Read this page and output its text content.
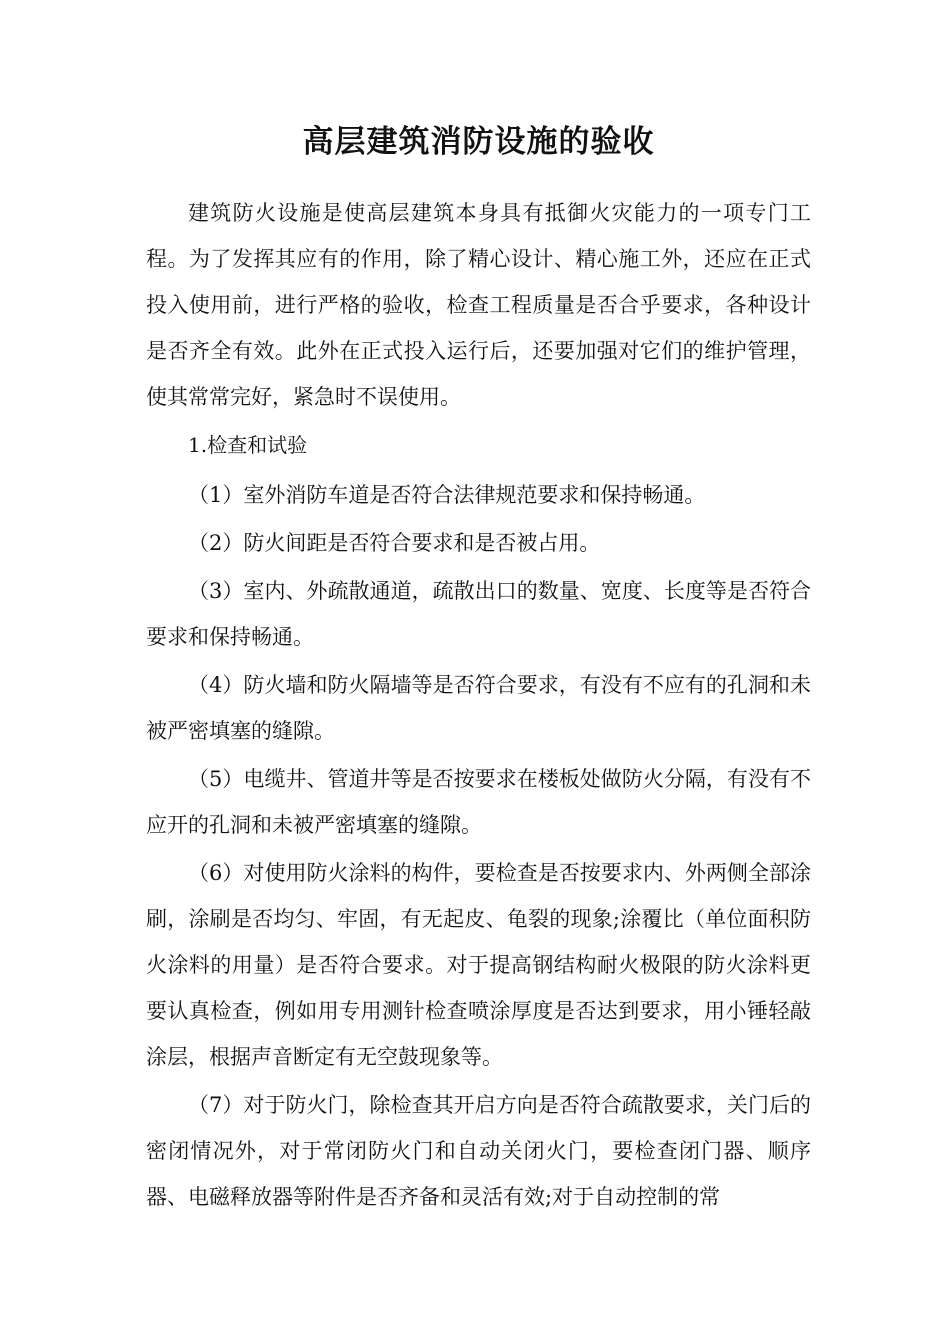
高层建筑消防设施的验收

建筑防火设施是使高层建筑本身具有抵御火灾能力的一项专门工程。为了发挥其应有的作用，除了精心设计、精心施工外，还应在正式投入使用前，进行严格的验收，检查工程质量是否合乎要求，各种设计是否齐全有效。此外在正式投入运行后，还要加强对它们的维护管理，使其常常完好，紧急时不误使用。

1.检查和试验

（1）室外消防车道是否符合法律规范要求和保持畅通。

（2）防火间距是否符合要求和是否被占用。

（3）室内、外疏散通道，疏散出口的数量、宽度、长度等是否符合要求和保持畅通。

（4）防火墙和防火隔墙等是否符合要求，有没有不应有的孔洞和未被严密填塞的缝隙。

（5）电缆井、管道井等是否按要求在楼板处做防火分隔，有没有不应开的孔洞和未被严密填塞的缝隙。

（6）对使用防火涂料的构件，要检查是否按要求内、外两侧全部涂刷，涂刷是否均匀、牢固，有无起皮、龟裂的现象;涂覆比（单位面积防火涂料的用量）是否符合要求。对于提高钢结构耐火极限的防火涂料更要认真检查，例如用专用测针检查喷涂厚度是否达到要求，用小锤轻敲涂层，根据声音断定有无空鼓现象等。

（7）对于防火门，除检查其开启方向是否符合疏散要求，关门后的密闭情况外，对于常闭防火门和自动关闭火门，要检查闭门器、顺序器、电磁释放器等附件是否齐备和灵活有效;对于自动控制的常
